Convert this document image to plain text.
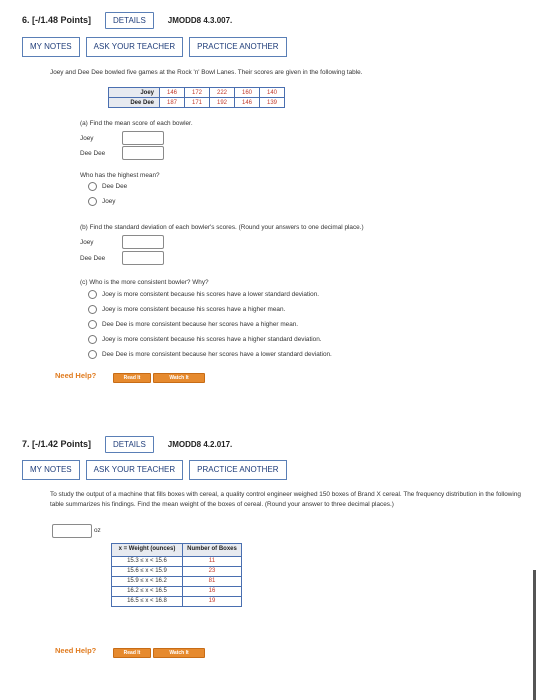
6. [-/1.48 Points]	DETAILS	JMODD8 4.3.007.
MY NOTES	ASK YOUR TEACHER	PRACTICE ANOTHER
Joey and Dee Dee bowled five games at the Rock 'n' Bowl Lanes. Their scores are given in the following table.
Joey	146	172	222	160	140
Dee Dee	187	171	192	146	139
(a) Find the mean score of each bowler.
Joey
Dee Dee
Who has the highest mean?
Dee Dee
Joey
(b) Find the standard deviation of each bowler's scores. (Round your answers to one decimal place.)
Joey
Dee Dee
(c) Who is the more consistent bowler? Why?
Joey is more consistent because his scores have a lower standard deviation.
Joey is more consistent because his scores have a higher mean.
Dee Dee is more consistent because her scores have a higher mean.
Joey is more consistent because his scores have a higher standard deviation.
Dee Dee is more consistent because her scores have a lower standard deviation.
Need Help?	Read It	Watch It
7. [-/1.42 Points]	DETAILS	JMODD8 4.2.017.
MY NOTES	ASK YOUR TEACHER	PRACTICE ANOTHER
To study the output of a machine that fills boxes with cereal, a quality control engineer weighed 150 boxes of Brand X cereal. The frequency distribution in the following table summarizes his findings. Find the mean weight of the boxes of cereal. (Round your answer to three decimal places.)
oz
x = Weight (ounces)	Number of Boxes
15.3 ≤ x < 15.6	11
15.6 ≤ x < 15.9	23
15.9 ≤ x < 16.2	81
16.2 ≤ x < 16.5	16
16.5 ≤ x < 16.8	19
Need Help?	Read It	Watch It
